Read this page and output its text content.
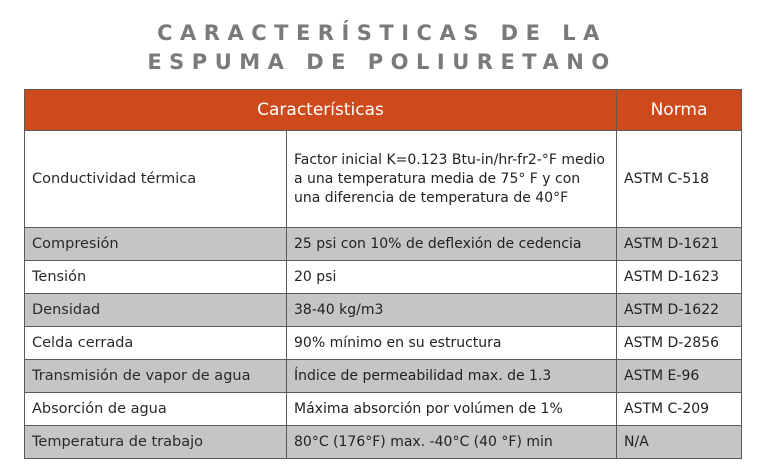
CARACTERÍSTICAS DE LA
ESPUMA DE POLIURETANO
Características		Norma
Conductividad térmica	Factor inicial K=0.123 Btu-in/hr-fr2-°F medio a una temperatura media de 75° F y con una diferencia de temperatura de 40°F	ASTM C-518
Compresión	25 psi con 10% de deflexión de cedencia	ASTM D-1621
Tensión	20 psi	ASTM D-1623
Densidad	38-40 kg/m3	ASTM D-1622
Celda cerrada	90% mínimo en su estructura	ASTM D-2856
Transmisión de vapor de agua	Índice de permeabilidad max. de 1.3	ASTM E-96
Absorción de agua	Máxima absorción por volúmen de 1%	ASTM C-209
Temperatura de trabajo	80°C (176°F) max. -40°C (40 °F) min	N/A
